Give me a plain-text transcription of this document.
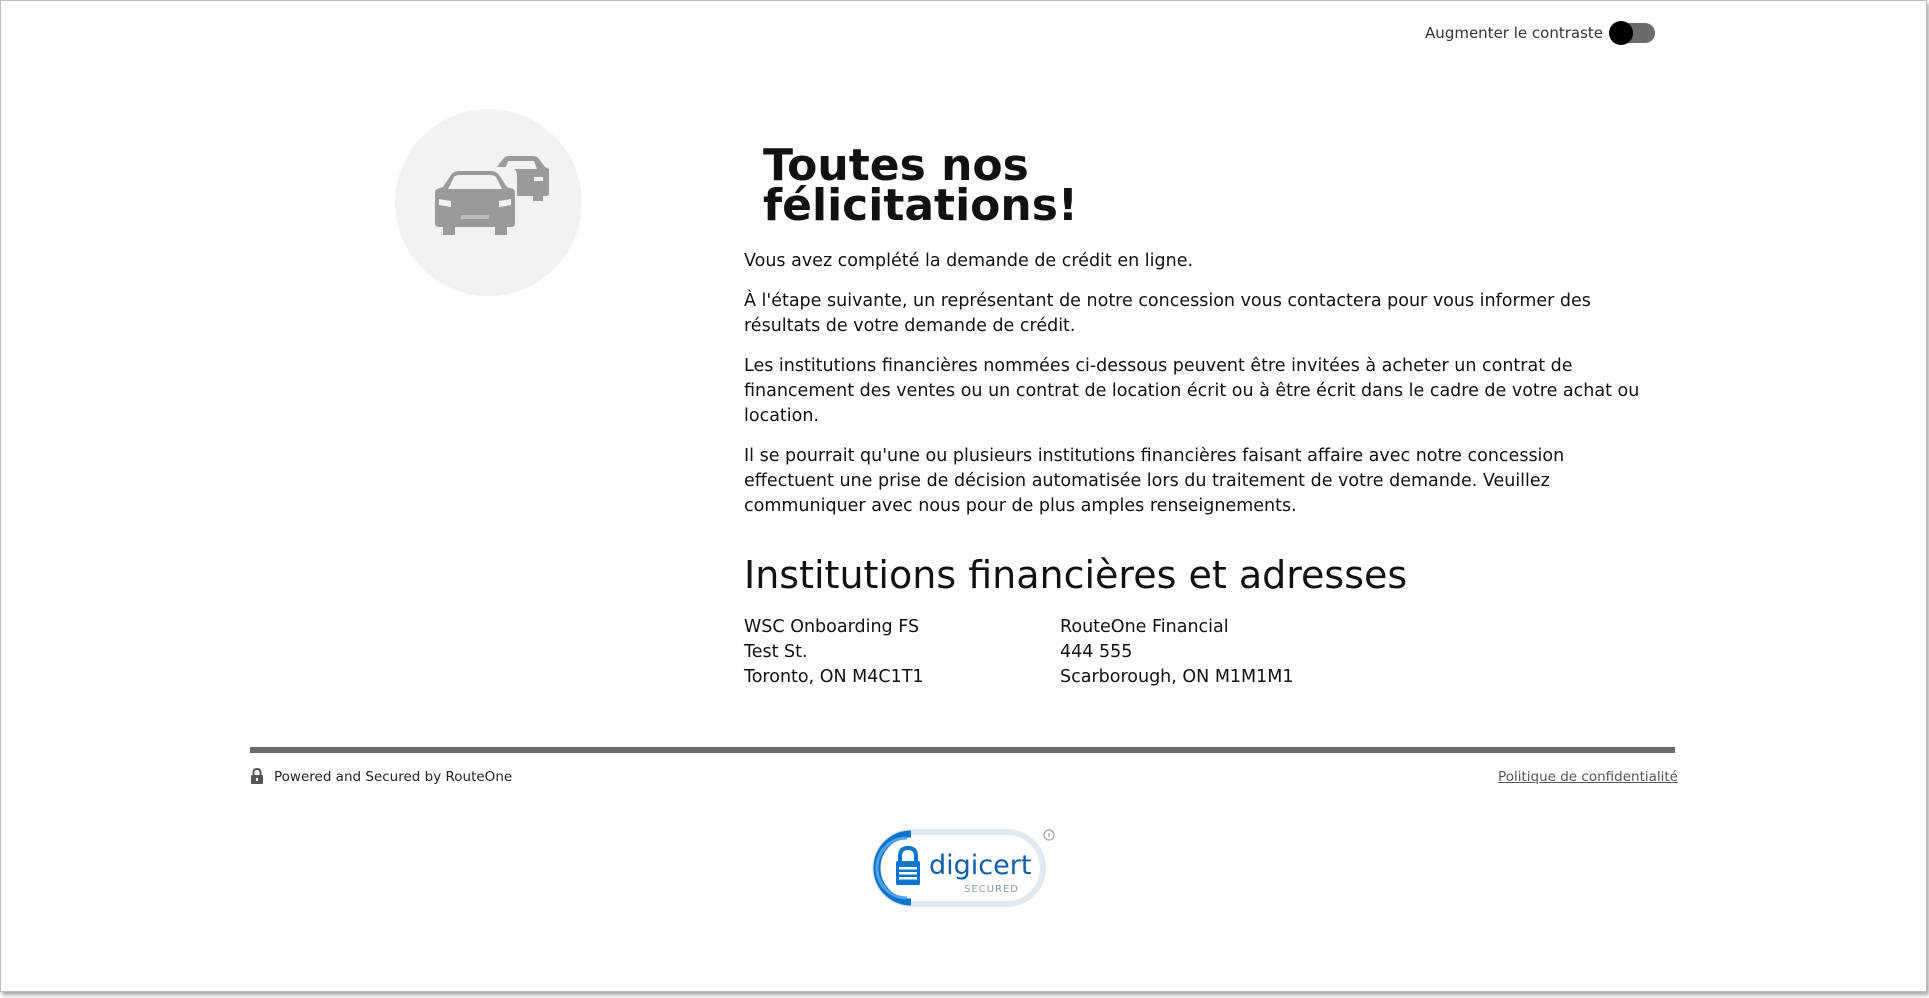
Augmenter le contraste
Toutes nos félicitations!

Vous avez complété la demande de crédit en ligne.

À l'étape suivante, un représentant de notre concession vous contactera pour vous informer des résultats de votre demande de crédit.

Les institutions financières nommées ci-dessous peuvent être invitées à acheter un contrat de financement des ventes ou un contrat de location écrit ou à être écrit dans le cadre de votre achat ou location.

Il se pourrait qu'une ou plusieurs institutions financières faisant affaire avec notre concession effectuent une prise de décision automatisée lors du traitement de votre demande. Veuillez communiquer avec nous pour de plus amples renseignements.

Institutions financières et adresses
WSC Onboarding FS
Test St.
Toronto, ON M4C1T1
RouteOne Financial
444 555
Scarborough, ON M1M1M1
Powered and Secured by RouteOne	Politique de confidentialité
digicert
SECURED
